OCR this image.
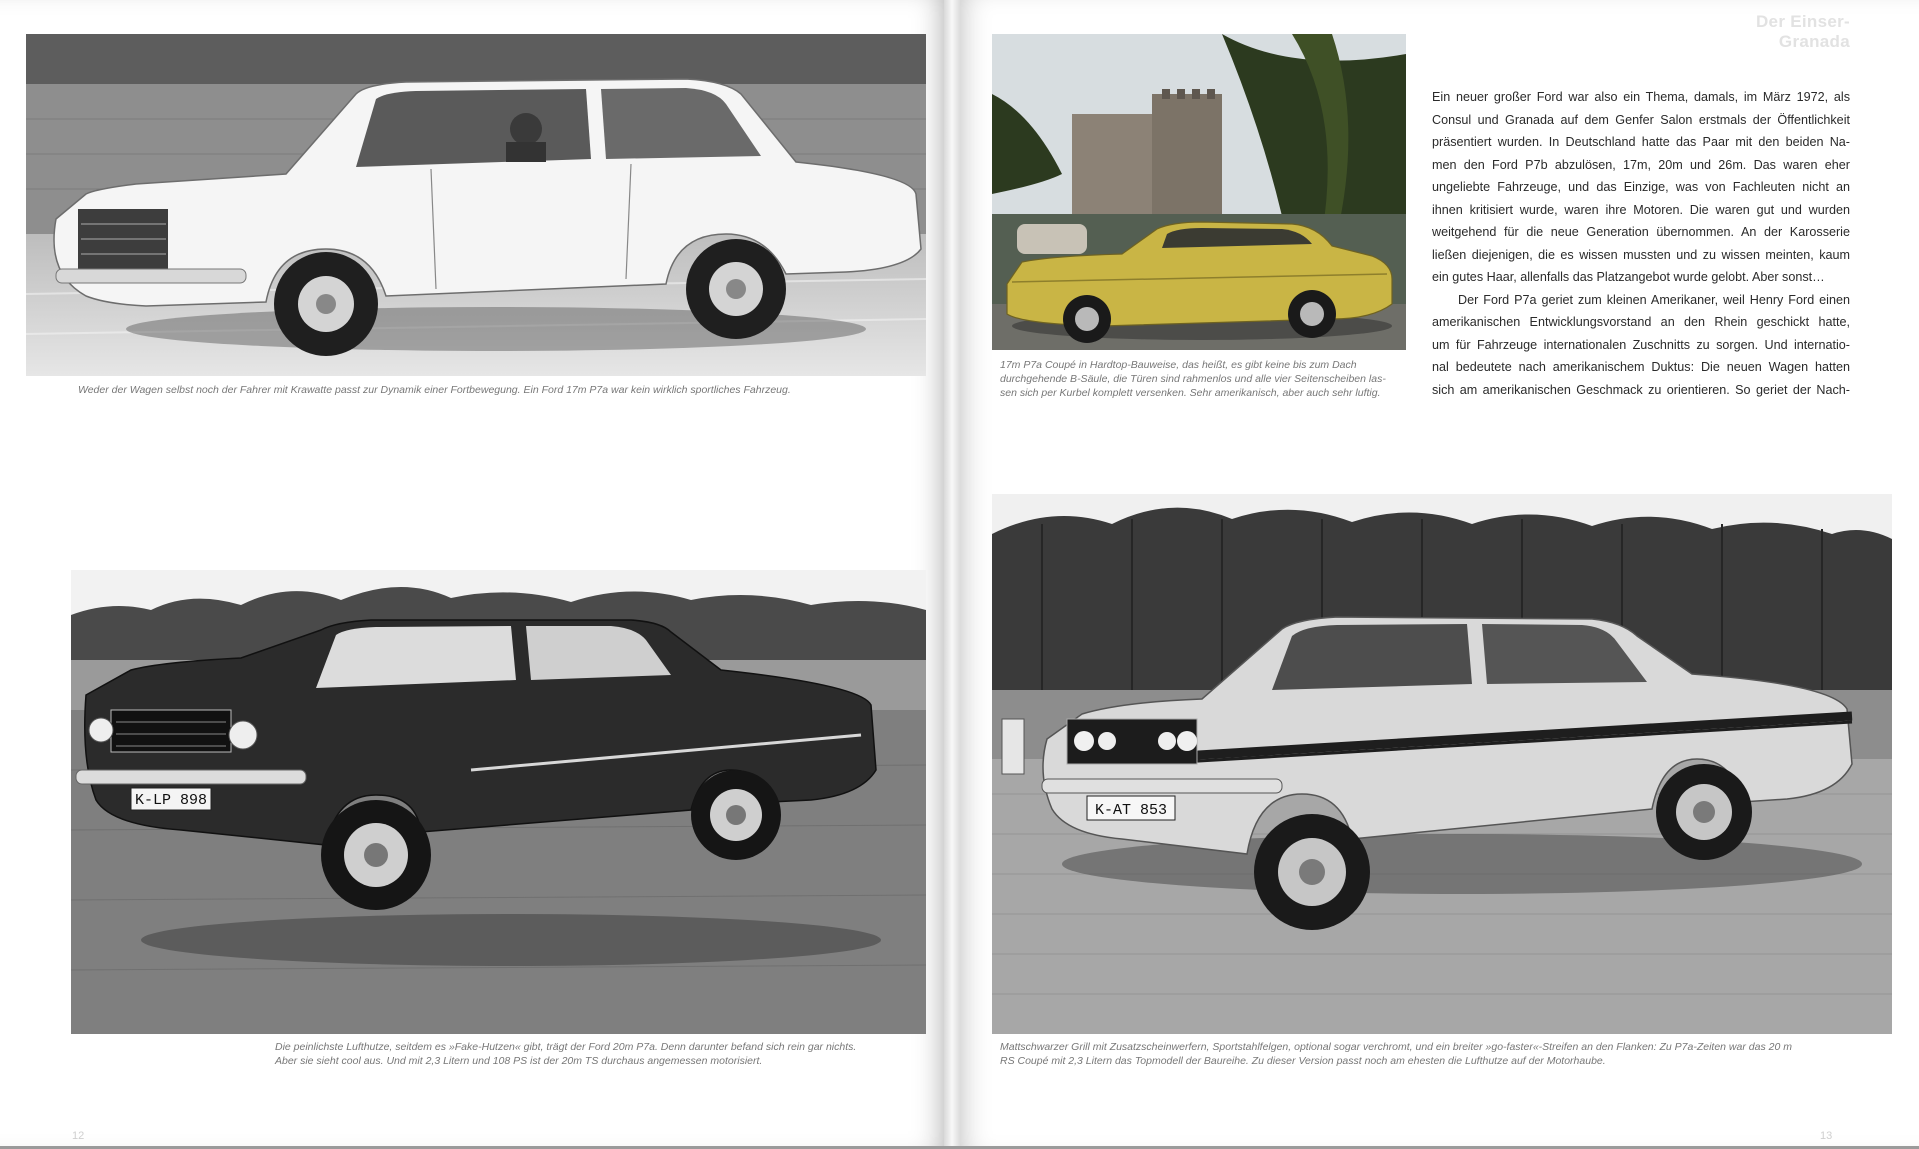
Der Einser-Granada

Weder der Wagen selbst noch der Fahrer mit Krawatte passt zur Dynamik einer Fortbewegung. Ein Ford 17m P7a war kein wirklich sportliches Fahrzeug.

K-LP 898

Die peinlichste Lufthutze, seitdem es »Fake-Hutzen« gibt, trägt der Ford 20m P7a. Denn darunter befand sich rein gar nichts.
Aber sie sieht cool aus. Und mit 2,3 Litern und 108 PS ist der 20m TS durchaus angemessen motorisiert.

17m P7a Coupé in Hardtop-Bauweise, das heißt, es gibt keine bis zum Dach
durchgehende B-Säule, die Türen sind rahmenlos und alle vier Seitenscheiben las-
sen sich per Kurbel komplett versenken. Sehr amerikanisch, aber auch sehr luftig.

Ein neuer großer Ford war also ein Thema, damals, im März 1972, als
Consul und Granada auf dem Genfer Salon erstmals der Öffentlichkeit
präsentiert wurden. In Deutschland hatte das Paar mit den beiden Na-
men den Ford P7b abzulösen, 17m, 20m und 26m. Das waren eher
ungeliebte Fahrzeuge, und das Einzige, was von Fachleuten nicht an
ihnen kritisiert wurde, waren ihre Motoren. Die waren gut und wurden
weitgehend für die neue Generation übernommen. An der Karosserie
ließen diejenigen, die es wissen mussten und zu wissen meinten, kaum
ein gutes Haar, allenfalls das Platzangebot wurde gelobt. Aber sonst…
Der Ford P7a geriet zum kleinen Amerikaner, weil Henry Ford einen
amerikanischen Entwicklungsvorstand an den Rhein geschickt hatte,
um für Fahrzeuge internationalen Zuschnitts zu sorgen. Und internatio-
nal bedeutete nach amerikanischem Duktus: Die neuen Wagen hatten
sich am amerikanischen Geschmack zu orientieren. So geriet der Nach-
K-AT 853

Mattschwarzer Grill mit Zusatzscheinwerfern, Sportstahlfelgen, optional sogar verchromt, und ein breiter »go-faster«-Streifen an den Flanken: Zu P7a-Zeiten war das 20 m
RS Coupé mit 2,3 Litern das Topmodell der Baureihe. Zu dieser Version passt noch am ehesten die Lufthutze auf der Motorhaube.

12	13
